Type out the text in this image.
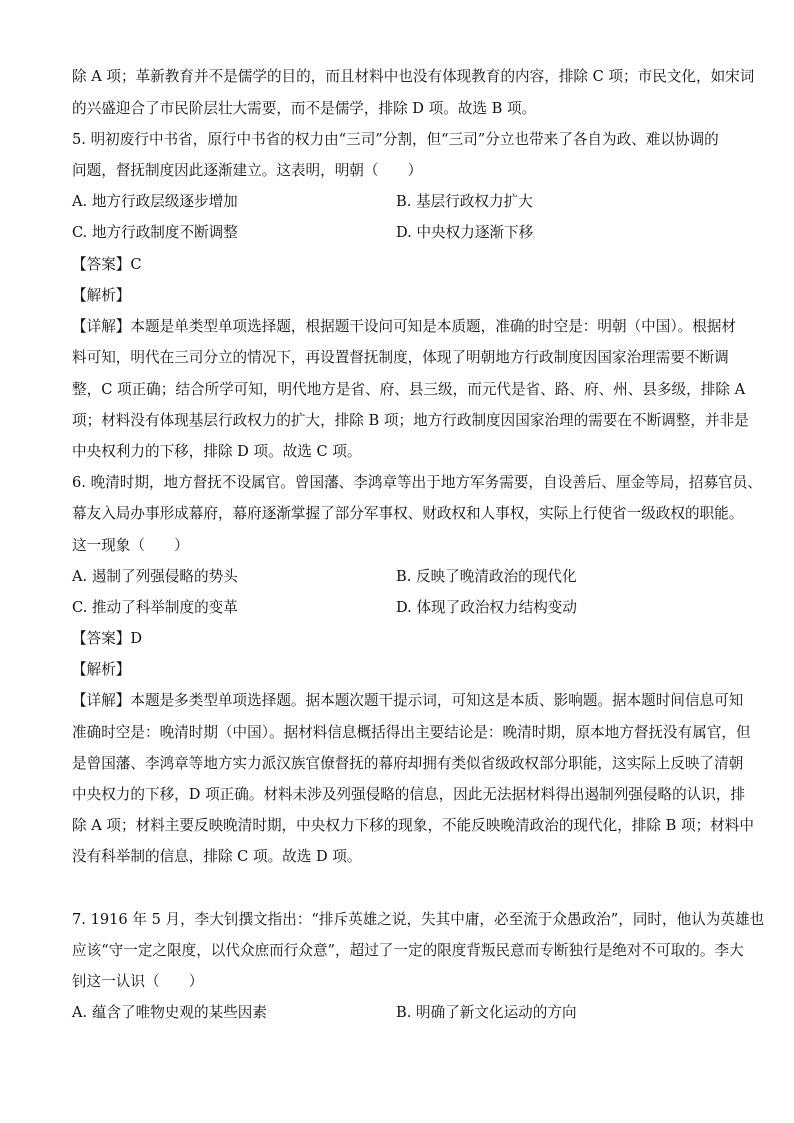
除 A 项；革新教育并不是儒学的目的，而且材料中也没有体现教育的内容，排除 C 项；市民文化，如宋词
的兴盛迎合了市民阶层壮大需要，而不是儒学，排除 D 项。故选 B 项。
5. 明初废行中书省，原行中书省的权力由“三司”分割，但“三司”分立也带来了各自为政、难以协调的
问题，督抚制度因此逐渐建立。这表明，明朝（　　）
A. 地方行政层级逐步增加	B. 基层行政权力扩大
C. 地方行政制度不断调整	D. 中央权力逐渐下移
【答案】C
【解析】
【详解】本题是单类型单项选择题，根据题干设问可知是本质题，准确的时空是：明朝（中国）。根据材
料可知，明代在三司分立的情况下，再设置督抚制度，体现了明朝地方行政制度因国家治理需要不断调
整，C 项正确；结合所学可知，明代地方是省、府、县三级，而元代是省、路、府、州、县多级，排除 A
项；材料没有体现基层行政权力的扩大，排除 B 项；地方行政制度因国家治理的需要在不断调整，并非是
中央权利力的下移，排除 D 项。故选 C 项。
6. 晚清时期，地方督抚不设属官。曾国藩、李鸿章等出于地方军务需要，自设善后、厘金等局，招募官员、
幕友入局办事形成幕府，幕府逐渐掌握了部分军事权、财政权和人事权，实际上行使省一级政权的职能。
这一现象（　　）
A. 遏制了列强侵略的势头	B. 反映了晚清政治的现代化
C. 推动了科举制度的变革	D. 体现了政治权力结构变动
【答案】D
【解析】
【详解】本题是多类型单项选择题。据本题次题干提示词，可知这是本质、影响题。据本题时间信息可知
准确时空是：晚清时期（中国）。据材料信息概括得出主要结论是：晚清时期，原本地方督抚没有属官，但
是曾国藩、李鸿章等地方实力派汉族官僚督抚的幕府却拥有类似省级政权部分职能，这实际上反映了清朝
中央权力的下移，D 项正确。材料未涉及列强侵略的信息，因此无法据材料得出遏制列强侵略的认识，排
除 A 项；材料主要反映晚清时期，中央权力下移的现象，不能反映晚清政治的现代化，排除 B 项；材料中
没有科举制的信息，排除 C 项。故选 D 项。
7. 1916 年 5 月，李大钊撰文指出：“排斥英雄之说，失其中庸，必至流于众愚政治”，同时，他认为英雄也
应该“守一定之限度，以代众庶而行众意”，超过了一定的限度背叛民意而专断独行是绝对不可取的。李大
钊这一认识（　　）
A. 蕴含了唯物史观的某些因素	B. 明确了新文化运动的方向
